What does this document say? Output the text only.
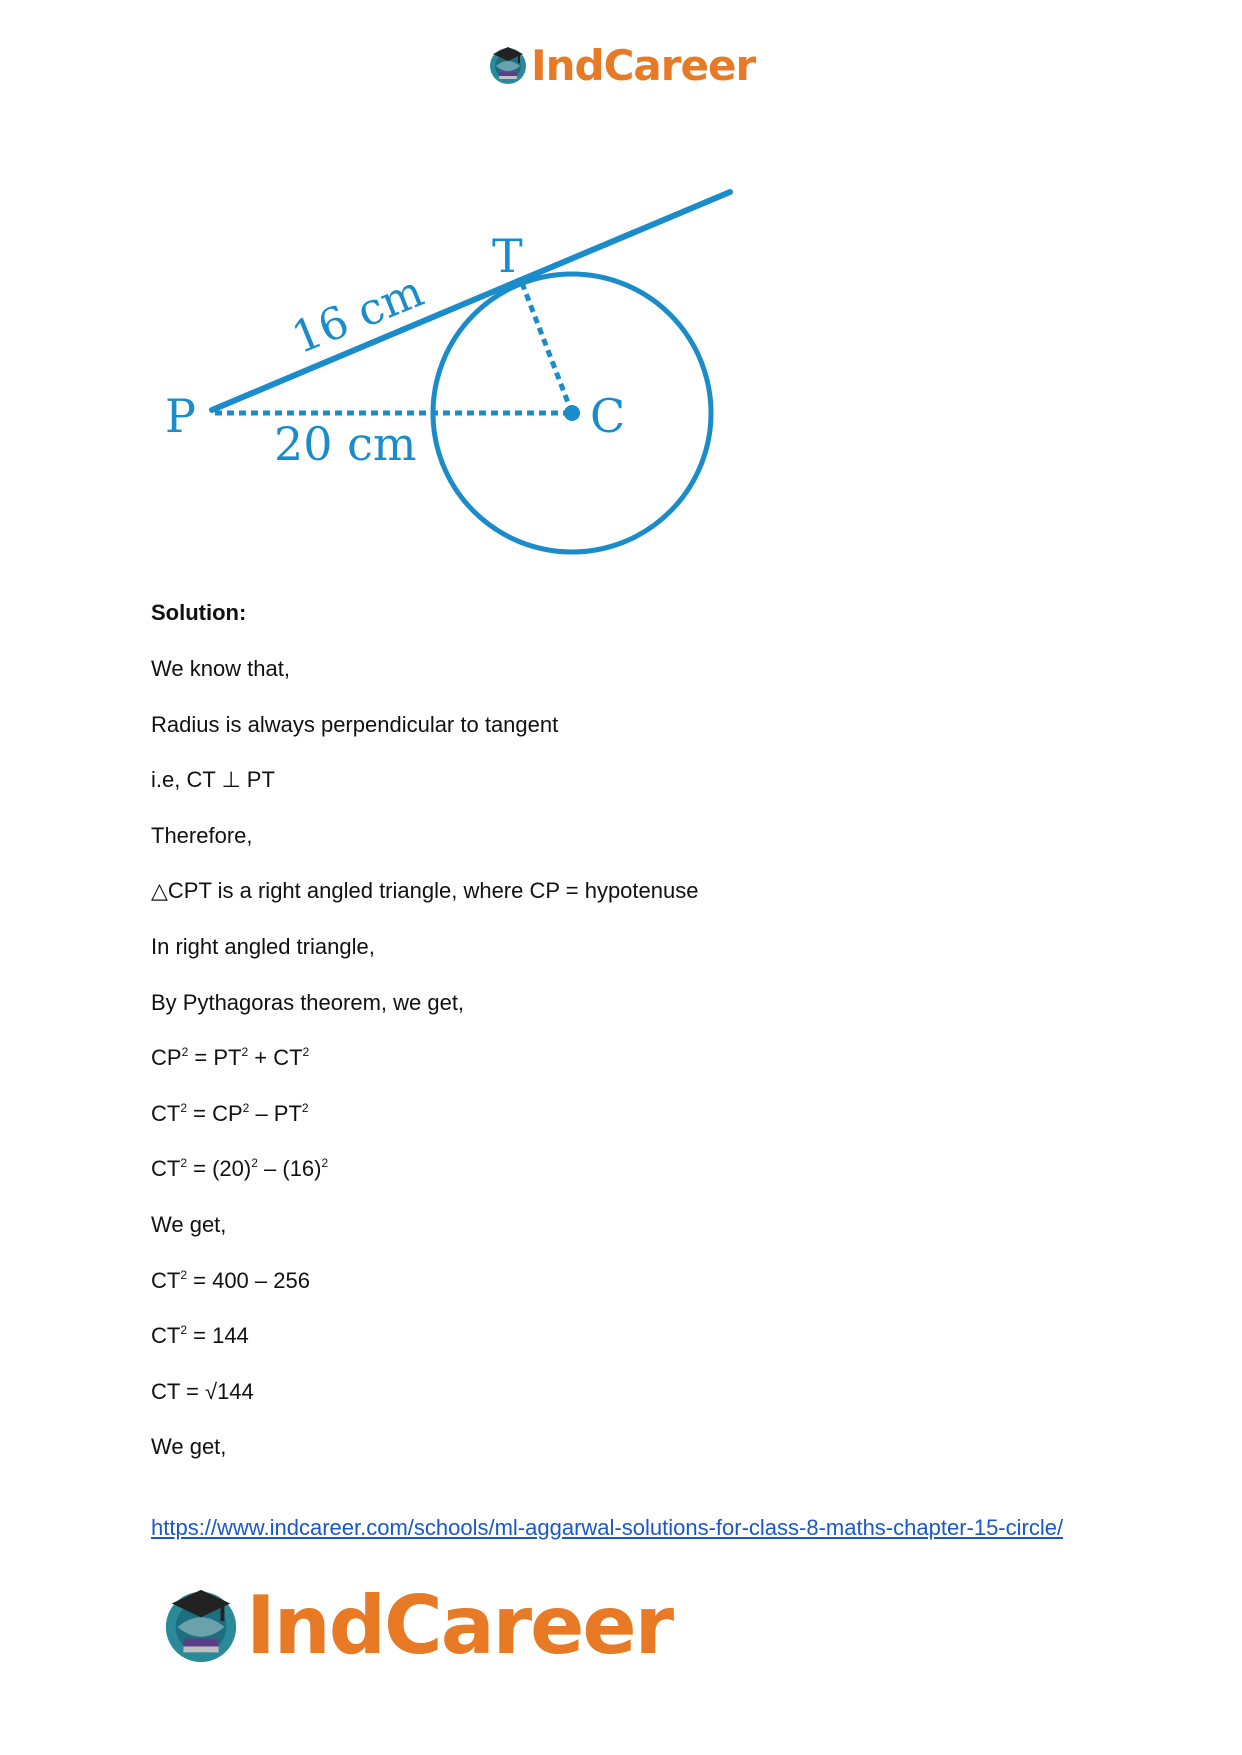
IndCareer
P
T
C
16 cm
20 cm

Solution:

We know that,

Radius is always perpendicular to tangent

i.e, CT ⊥ PT

Therefore,

△CPT is a right angled triangle, where CP = hypotenuse

In right angled triangle,

By Pythagoras theorem, we get,

$CP^2 = PT^2 + CT^2$

$CT^2 = CP^2 - PT^2$

$CT^2 = (20)^2 - (16)^2$

We get,

$CT^2 = 400 - 256$

$CT^2 = 144$

CT = √144

We get,

https://www.indcareer.com/schools/ml-aggarwal-solutions-for-class-8-maths-chapter-15-circle/
IndCareer
